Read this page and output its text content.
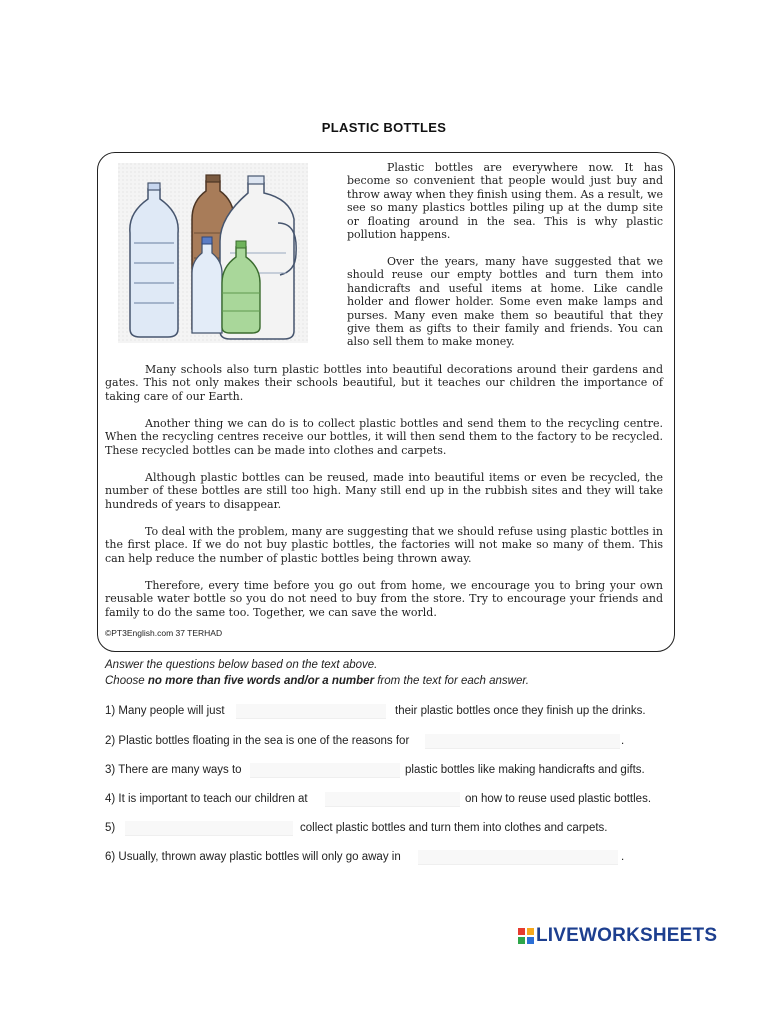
PLASTIC BOTTLES

Plastic bottles are everywhere now. It has become so convenient that people would just buy and throw away when they finish using them. As a result, we see so many plastics bottles piling up at the dump site or floating around in the sea. This is why plastic pollution happens.

Over the years, many have suggested that we should reuse our empty bottles and turn them into handicrafts and useful items at home. Like candle holder and flower holder. Some even make lamps and purses. Many even make them so beautiful that they give them as gifts to their family and friends. You can also sell them to make money.

Many schools also turn plastic bottles into beautiful decorations around their gardens and gates. This not only makes their schools beautiful, but it teaches our children the importance of taking care of our Earth.

Another thing we can do is to collect plastic bottles and send them to the recycling centre. When the recycling centres receive our bottles, it will then send them to the factory to be recycled. These recycled bottles can be made into clothes and carpets.

Although plastic bottles can be reused, made into beautiful items or even be recycled, the number of these bottles are still too high. Many still end up in the rubbish sites and they will take hundreds of years to disappear.

To deal with the problem, many are suggesting that we should refuse using plastic bottles in the first place. If we do not buy plastic bottles, the factories will not make so many of them. This can help reduce the number of plastic bottles being thrown away.

Therefore, every time before you go out from home, we encourage you to bring your own reusable water bottle so you do not need to buy from the store. Try to encourage your friends and family to do the same too. Together, we can save the world.

©PT3English.com 37 TERHAD
Answer the questions below based on the text above.
Choose no more than five words and/or a number from the text for each answer.
1) Many people will just	their plastic bottles once they finish up the drinks.
2) Plastic bottles floating in the sea is one of the reasons for	.
3) There are many ways to	plastic bottles like making handicrafts and gifts.
4) It is important to teach our children at	on how to reuse used plastic bottles.
5)	collect plastic bottles and turn them into clothes and carpets.
6) Usually, thrown away plastic bottles will only go away in	.
LIVEWORKSHEETS
